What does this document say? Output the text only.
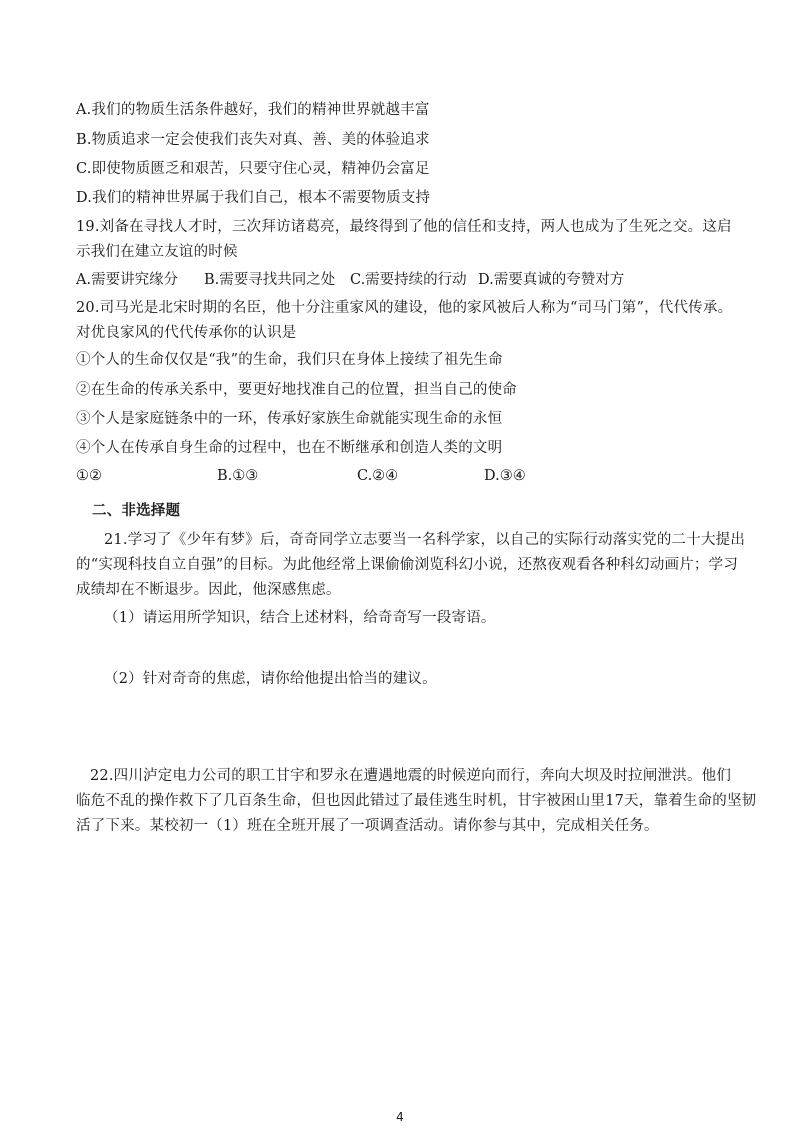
A.我们的物质生活条件越好，我们的精神世界就越丰富
B.物质追求一定会使我们丧失对真、善、美的体验追求
C.即使物质匮乏和艰苦，只要守住心灵，精神仍会富足
D.我们的精神世界属于我们自己，根本不需要物质支持
19.刘备在寻找人才时，三次拜访诸葛亮，最终得到了他的信任和支持，两人也成为了生死之交。这启
示我们在建立友谊的时候
A.需要讲究缘分 B.需要寻找共同之处 C.需要持续的行动 D.需要真诚的夸赞对方
20.司马光是北宋时期的名臣，他十分注重家风的建设，他的家风被后人称为“司马门第”，代代传承。
对优良家风的代代传承你的认识是
①个人的生命仅仅是“我”的生命，我们只在身体上接续了祖先生命
②在生命的传承关系中，要更好地找准自己的位置，担当自己的使命
③个人是家庭链条中的一环，传承好家族生命就能实现生命的永恒
④个人在传承自身生命的过程中，也在不断继承和创造人类的文明
①②	B.①③	C.②④	D.③④
二、非选择题
21.学习了《少年有梦》后，奇奇同学立志要当一名科学家，以自己的实际行动落实党的二十大提出
的“实现科技自立自强”的目标。为此他经常上课偷偷浏览科幻小说，还熬夜观看各种科幻动画片；学习
成绩却在不断退步。因此，他深感焦虑。
（1）请运用所学知识，结合上述材料，给奇奇写一段寄语。
（2）针对奇奇的焦虑，请你给他提出恰当的建议。
22.四川泸定电力公司的职工甘宇和罗永在遭遇地震的时候逆向而行，奔向大坝及时拉闸泄洪。他们
临危不乱的操作救下了几百条生命，但也因此错过了最佳逃生时机，甘宇被困山里17天，靠着生命的坚韧
活了下来。某校初一（1）班在全班开展了一项调查活动。请你参与其中，完成相关任务。
4
